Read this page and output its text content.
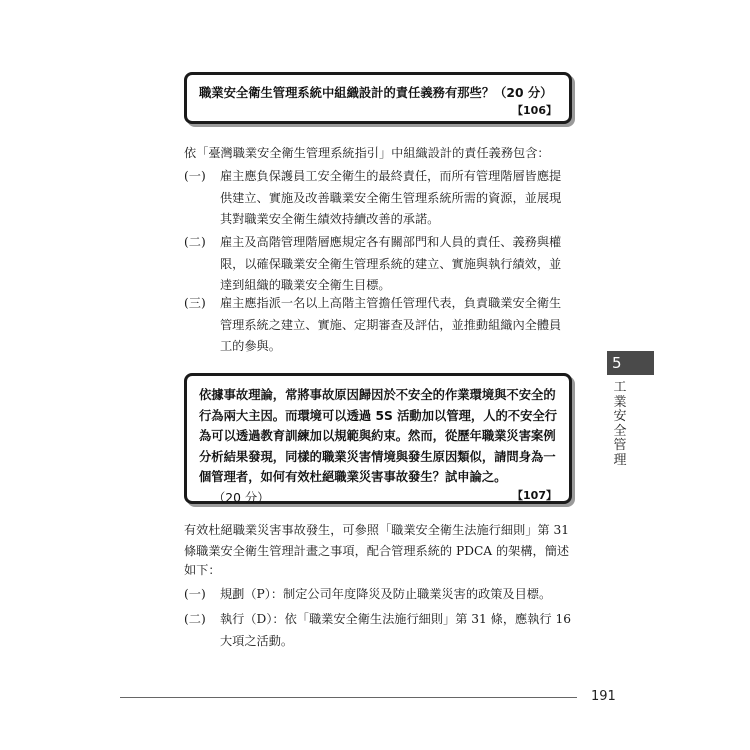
職業安全衛生管理系統中組織設計的責任義務有那些？（20 分）
【106】
依「臺灣職業安全衛生管理系統指引」中組織設計的責任義務包含：
(一) 雇主應負保護員工安全衛生的最終責任，而所有管理階層皆應提
供建立、實施及改善職業安全衛生管理系統所需的資源，並展現
其對職業安全衛生績效持續改善的承諾。
(二) 雇主及高階管理階層應規定各有關部門和人員的責任、義務與權
限，以確保職業安全衛生管理系統的建立、實施與執行績效，並
達到組織的職業安全衛生目標。
(三) 雇主應指派一名以上高階主管擔任管理代表，負責職業安全衛生
管理系統之建立、實施、定期審查及評估，並推動組織內全體員
工的參與。
依據事故理論，常將事故原因歸因於不安全的作業環境與不安全的
行為兩大主因。而環境可以透過 5S 活動加以管理，人的不安全行
為可以透過教育訓練加以規範與約束。然而，從歷年職業災害案例
分析結果發現，同樣的職業災害情境與發生原因類似，請問身為一
個管理者，如何有效杜絕職業災害事故發生？試申論之。
（20 分）	【107】
有效杜絕職業災害事故發生，可參照「職業安全衛生法施行細則」第 31
條職業安全衛生管理計畫之事項，配合管理系統的 PDCA 的架構，簡述
如下：
(一) 規劃（P）：制定公司年度降災及防止職業災害的政策及目標。
(二) 執行（D）：依「職業安全衛生法施行細則」第 31 條，應執行 16
大項之活動。
5
工
業
安
全
管
理
191
